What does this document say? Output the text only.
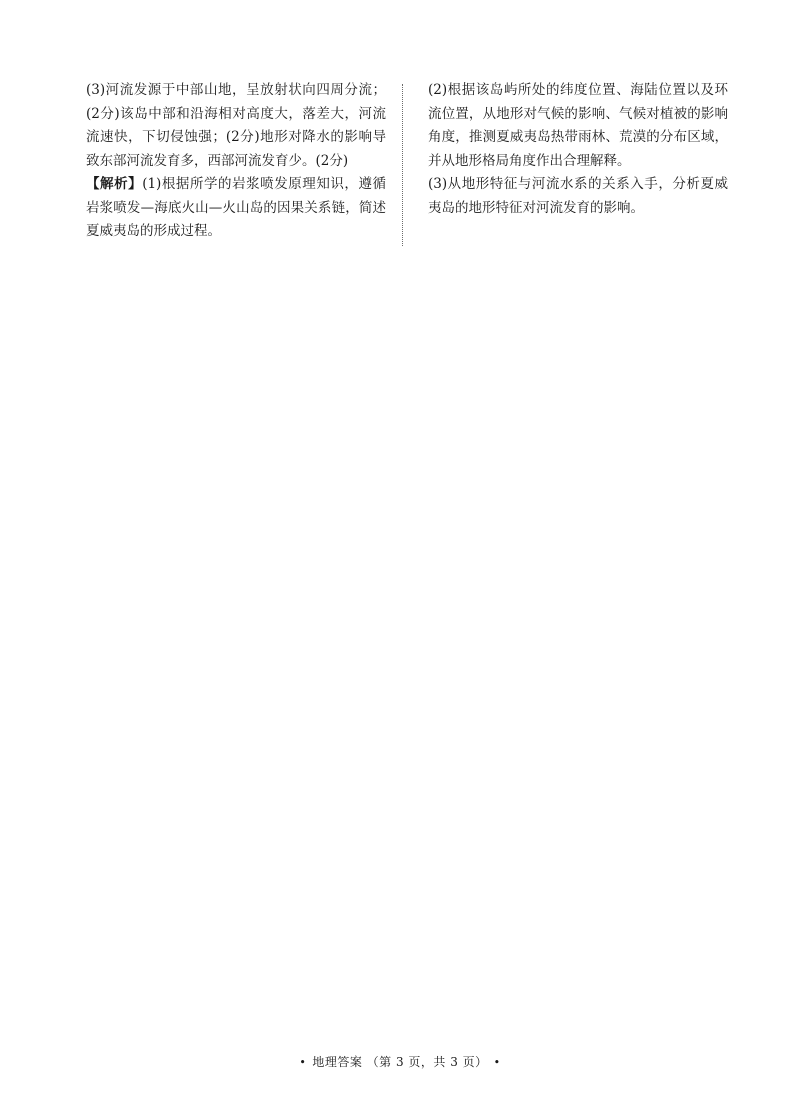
(3)河流发源于中部山地，呈放射状向四周分流；(2分)该岛中部和沿海相对高度大，落差大，河流流速快，下切侵蚀强；(2分)地形对降水的影响导致东部河流发育多，西部河流发育少。(2分)

【解析】(1)根据所学的岩浆喷发原理知识，遵循岩浆喷发—海底火山—火山岛的因果关系链，简述夏威夷岛的形成过程。

(2)根据该岛屿所处的纬度位置、海陆位置以及环流位置，从地形对气候的影响、气候对植被的影响角度，推测夏威夷岛热带雨林、荒漠的分布区域，并从地形格局角度作出合理解释。

(3)从地形特征与河流水系的关系入手，分析夏威夷岛的地形特征对河流发育的影响。

• 地理答案 （第 3 页，共 3 页） •
